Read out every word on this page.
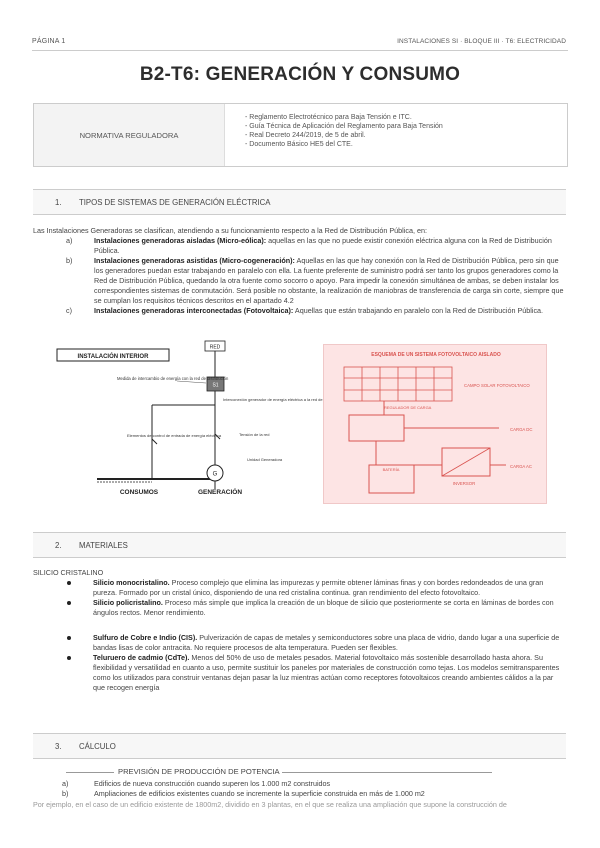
PÁGINA 1	INSTALACIONES SI · BLOQUE III · T6: ELECTRICIDAD
B2-T6: GENERACIÓN Y CONSUMO
NORMATIVA REGULADORA
- Reglamento Electrotécnico para Baja Tensión e ITC.
- Guía Técnica de Aplicación del Reglamento para Baja Tensión
- Real Decreto 244/2019, de 5 de abril.
- Documento Básico HE5 del CTE.
1.	TIPOS DE SISTEMAS DE GENERACIÓN ELÉCTRICA
Las Instalaciones Generadoras se clasifican, atendiendo a su funcionamiento respecto a la Red de Distribución Pública, en:
a)	Instalaciones generadoras aisladas (Micro-eólica): aquellas en las que no puede existir conexión eléctrica alguna con la Red de Distribución Pública.
b)	Instalaciones generadoras asistidas (Micro-cogeneración): Aquellas en las que hay conexión con la Red de Distribución Pública, pero sin que los generadores puedan estar trabajando en paralelo con ella. La fuente preferente de suministro podrá ser tanto los grupos generadores como la Red de Distribución Pública, quedando la otra fuente como socorro o apoyo. Para impedir la conexión simultánea de ambas, se deben instalar los correspondientes sistemas de conmutación. Será posible no obstante, la realización de maniobras de transferencia de carga sin corte, siempre que se cumplan los requisitos técnicos descritos en el apartado 4.2
c)	Instalaciones generadoras interconectadas (Fotovoltaica): Aquellas que están trabajando en paralelo con la Red de Distribución Pública.
INSTALACIÓN INTERIOR
RED
S1
Medida de intercambio de energía con la red de distribución
Interconexión generador de energía eléctrica a la red de distribución
Tensión de la red
Elementos de control de entrada de energía eléctrica
G
Unidad Generadora
CONSUMOS	GENERACIÓN
ESQUEMA DE UN SISTEMA FOTOVOLTAICO AISLADO
CAMPO SOLAR FOTOVOLTAICO
REGULADOR DE CARGA
CARGA DC
BATERÍA
INVERSOR
CARGA AC
2.	MATERIALES
SILICIO CRISTALINO
Silicio monocristalino. Proceso complejo que elimina las impurezas y permite obtener láminas finas y con bordes redondeados de una gran pureza. Formado por un cristal único, disponiendo de una red cristalina continua. gran rendimiento del efecto fotovoltaico.
Silicio policristalino. Proceso más simple que implica la creación de un bloque de silicio que posteriormente se corta en láminas de bordes con ángulos rectos. Menor rendimiento.
Sulfuro de Cobre e Indio (CIS). Pulverización de capas de metales y semiconductores sobre una placa de vidrio, dando lugar a una superficie de bandas lisas de color antracita. No requiere procesos de alta temperatura. Pueden ser flexibles.
Teluruero de cadmio (CdTe). Menos del 50% de uso de metales pesados. Material fotovoltaico más sostenible desarrollado hasta ahora. Su flexibilidad y versatilidad en cuanto a uso, permite sustituir los paneles por materiales de construcción como tejas. Los modelos semitransparentes como los utilizados para construir ventanas dejan pasar la luz mientras actúan como receptores fotovoltaicos creando ambientes cálidos a la par que recogen energía
3.	CÁLCULO
PREVISIÓN DE PRODUCCIÓN DE POTENCIA
a)	Edificios de nueva construcción cuando superen los 1.000 m2 construidos
b)	Ampliaciones de edificios existentes cuando se incremente la superficie construida en más de 1.000 m2
Por ejemplo, en el caso de un edificio existente de 1800m2, dividido en 3 plantas, en el que se realiza una ampliación que supone la construcción de
